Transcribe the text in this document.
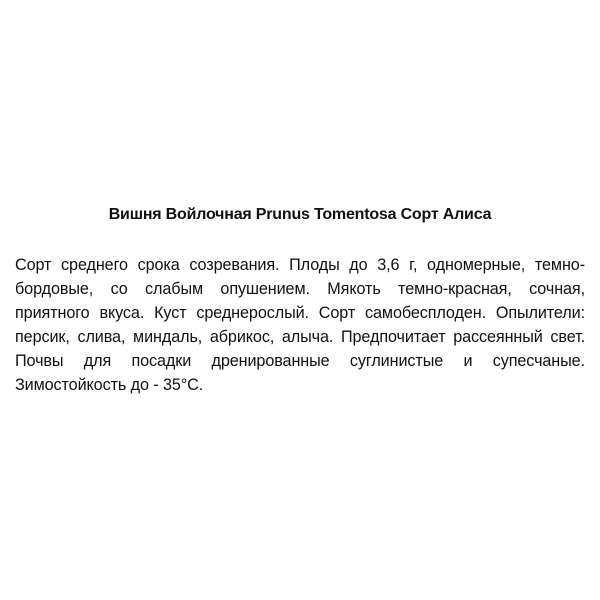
Вишня Войлочная Prunus Tomentosa Сорт Алиса
Сорт среднего срока созревания. Плоды до 3,6 г, одномерные, темно-бордовые, со слабым опушением. Мякоть темно-красная, сочная, приятного вкуса. Куст среднерослый. Сорт самобесплоден. Опылители: персик, слива, миндаль, абрикос, алыча. Предпочитает рассеянный свет. Почвы для посадки дренированные суглинистые и супесчаные. Зимостойкость до - 35°С.
